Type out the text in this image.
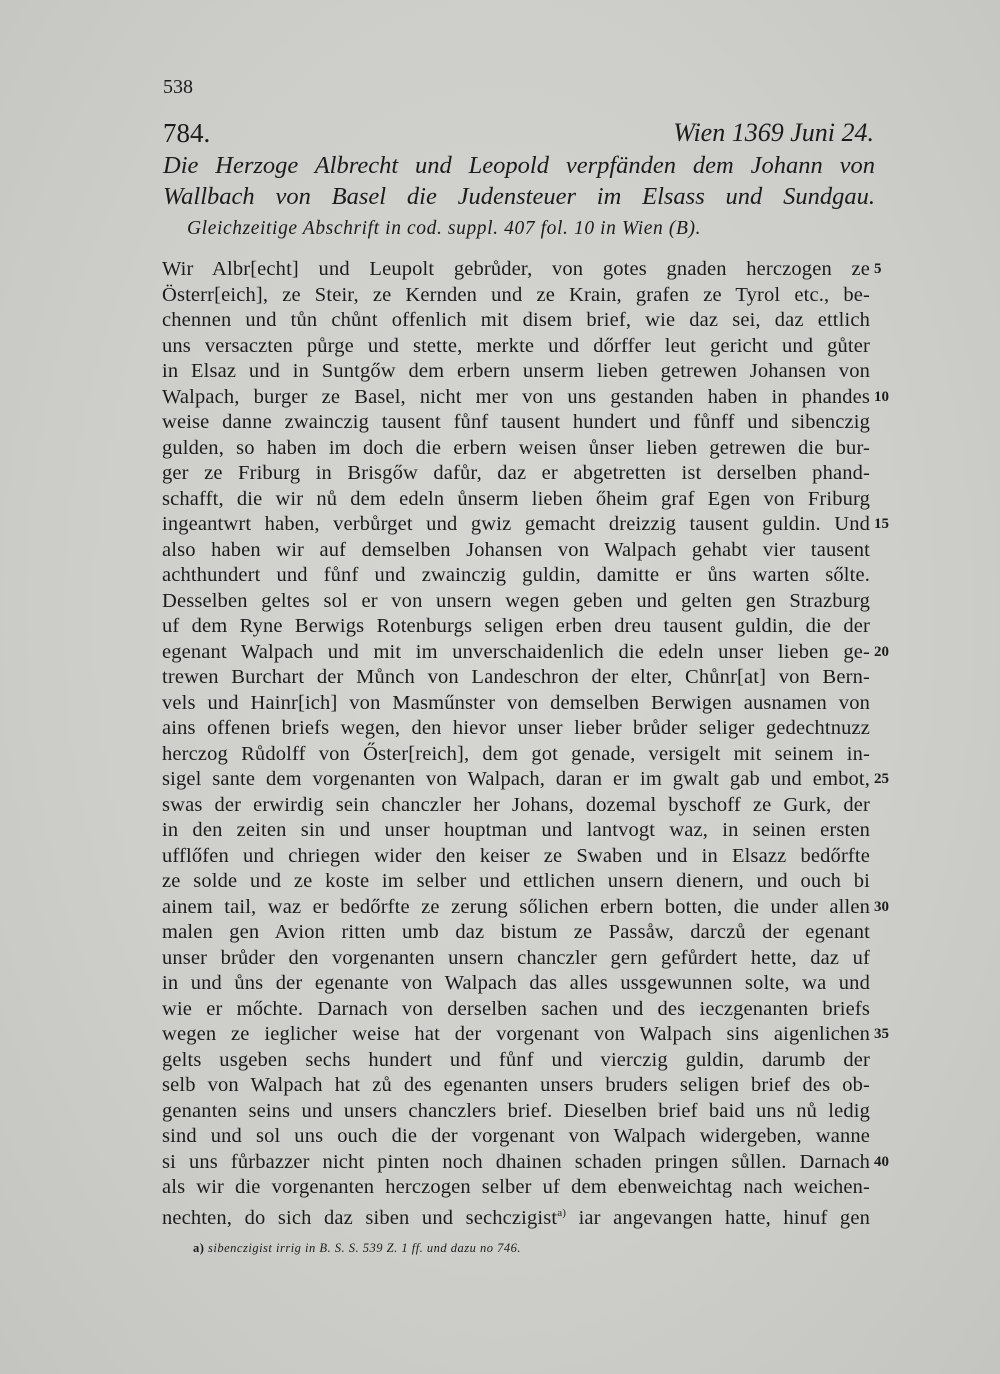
538
784.	Wien 1369 Juni 24.
Die Herzoge Albrecht und Leopold verpfänden dem Johann von
Wallbach von Basel die Judensteuer im Elsass und Sundgau.
Gleichzeitige Abschrift in cod. suppl. 407 fol. 10 in Wien (B).
Wir Albr[echt] und Leupolt gebrůder, von gotes gnaden herczogen ze
Österr[eich], ze Steir, ze Kernden und ze Krain, grafen ze Tyrol etc., be-
chennen und tůn chůnt offenlich mit disem brief, wie daz sei, daz ettlich
uns versaczten půrge und stette, merkte und dőrffer leut gericht und gůter
in Elsaz und in Suntgőw dem erbern unserm lieben getrewen Johansen von
Walpach, burger ze Basel, nicht mer von uns gestanden haben in phandes
weise danne zwainczig tausent fůnf tausent hundert und fůnff und sibenczig
gulden, so haben im doch die erbern weisen ůnser lieben getrewen die bur-
ger ze Friburg in Brisgőw dafůr, daz er abgetretten ist derselben phand-
schafft, die wir nů dem edeln ůnserm lieben őheim graf Egen von Friburg
ingeantwrt haben, verbůrget und gwiz gemacht dreizzig tausent guldin. Und
also haben wir auf demselben Johansen von Walpach gehabt vier tausent
achthundert und fůnf und zwainczig guldin, damitte er ůns warten sőlte.
Desselben geltes sol er von unsern wegen geben und gelten gen Strazburg
uf dem Ryne Berwigs Rotenburgs seligen erben dreu tausent guldin, die der
egenant Walpach und mit im unverschaidenlich die edeln unser lieben ge-
trewen Burchart der Můnch von Landeschron der elter, Chůnr[at] von Bern-
vels und Hainr[ich] von Masműnster von demselben Berwigen ausnamen von
ains offenen briefs wegen, den hievor unser lieber brůder seliger gedechtnuzz
herczog Růdolff von Őster[reich], dem got genade, versigelt mit seinem in-
sigel sante dem vorgenanten von Walpach, daran er im gwalt gab und embot,
swas der erwirdig sein chanczler her Johans, dozemal byschoff ze Gurk, der
in den zeiten sin und unser houptman und lantvogt waz, in seinen ersten
ufflőfen und chriegen wider den keiser ze Swaben und in Elsazz bedőrfte
ze solde und ze koste im selber und ettlichen unsern dienern, und ouch bi
ainem tail, waz er bedőrfte ze zerung sőlichen erbern botten, die under allen
malen gen Avion ritten umb daz bistum ze Passåw, darczů der egenant
unser brůder den vorgenanten unsern chanczler gern gefůrdert hette, daz uf
in und ůns der egenante von Walpach das alles ussgewunnen solte, wa und
wie er mőchte. Darnach von derselben sachen und des ieczgenanten briefs
wegen ze ieglicher weise hat der vorgenant von Walpach sins aigenlichen
gelts usgeben sechs hundert und fůnf und vierczig guldin, darumb der
selb von Walpach hat zů des egenanten unsers bruders seligen brief des ob-
genanten seins und unsers chanczlers brief. Dieselben brief baid uns nů ledig
sind und sol uns ouch die der vorgenant von Walpach widergeben, wanne
si uns fůrbazzer nicht pinten noch dhainen schaden pringen sůllen. Darnach
als wir die vorgenanten herczogen selber uf dem ebenweichtag nach weichen-
nechten, do sich daz siben und sechczigist$^{a)}$ iar angevangen hatte, hinuf gen
5
10
15
20
25
30
35
40
a) sibenczigist irrig in B. S. S. 539 Z. 1 ff. und dazu no 746.
